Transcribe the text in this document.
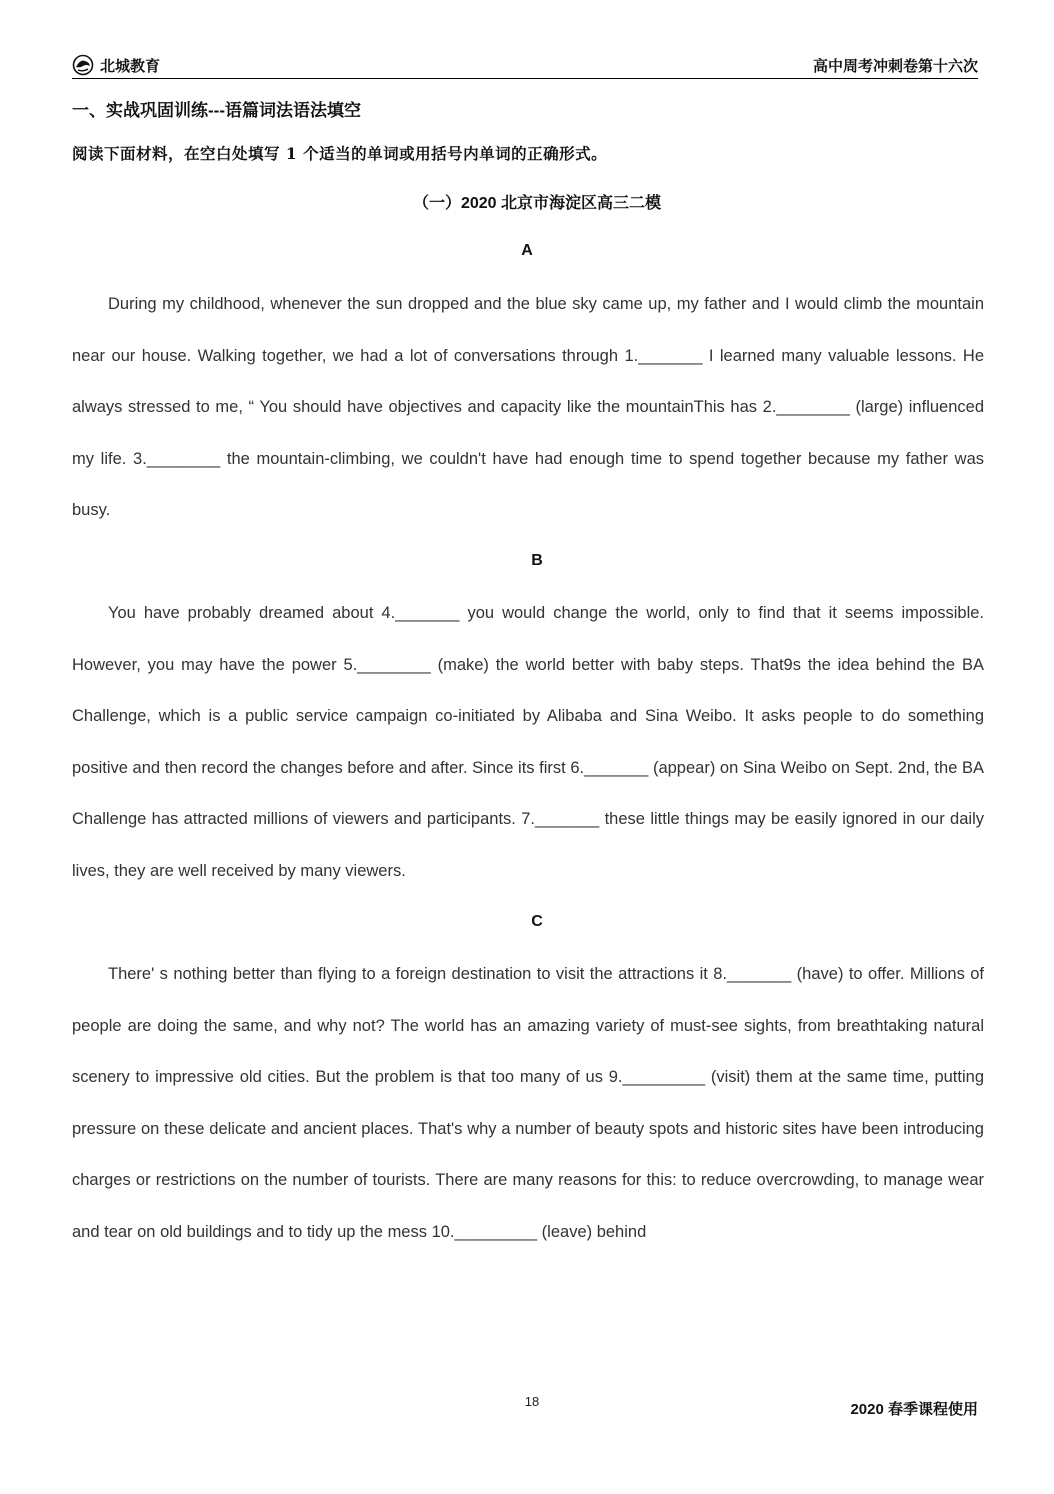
北城教育	高中周考冲刺卷第十六次
一、实战巩固训练---语篇词法语法填空
阅读下面材料，在空白处填写 1 个适当的单词或用括号内单词的正确形式。
（一）2020 北京市海淀区高三二模
A

During my childhood, whenever the sun dropped and the blue sky came up, my father and I would climb the mountain near our house. Walking together, we had a lot of conversations through 1._______ I learned many valuable lessons. He always stressed to me, “ You should have objectives and capacity like the mountainThis has 2.________ (large) influenced my life. 3.________ the mountain-climbing, we couldn't have had enough time to spend together because my father was busy.

B

You have probably dreamed about 4._______ you would change the world, only to find that it seems impossible. However, you may have the power 5.________ (make) the world better with baby steps. That9s the idea behind the BA Challenge, which is a public service campaign co-initiated by Alibaba and Sina Weibo. It asks people to do something positive and then record the changes before and after. Since its first 6._______ (appear) on Sina Weibo on Sept. 2nd, the BA Challenge has attracted millions of viewers and participants. 7._______ these little things may be easily ignored in our daily lives, they are well received by many viewers.

C

There' s nothing better than flying to a foreign destination to visit the attractions it 8._______ (have) to offer. Millions of people are doing the same, and why not? The world has an amazing variety of must-see sights, from breathtaking natural scenery to impressive old cities. But the problem is that too many of us 9._________ (visit) them at the same time, putting pressure on these delicate and ancient places. That's why a number of beauty spots and historic sites have been introducing charges or restrictions on the number of tourists. There are many reasons for this: to reduce overcrowding, to manage wear and tear on old buildings and to tidy up the mess 10._________ (leave) behind

18	2020 春季课程使用
